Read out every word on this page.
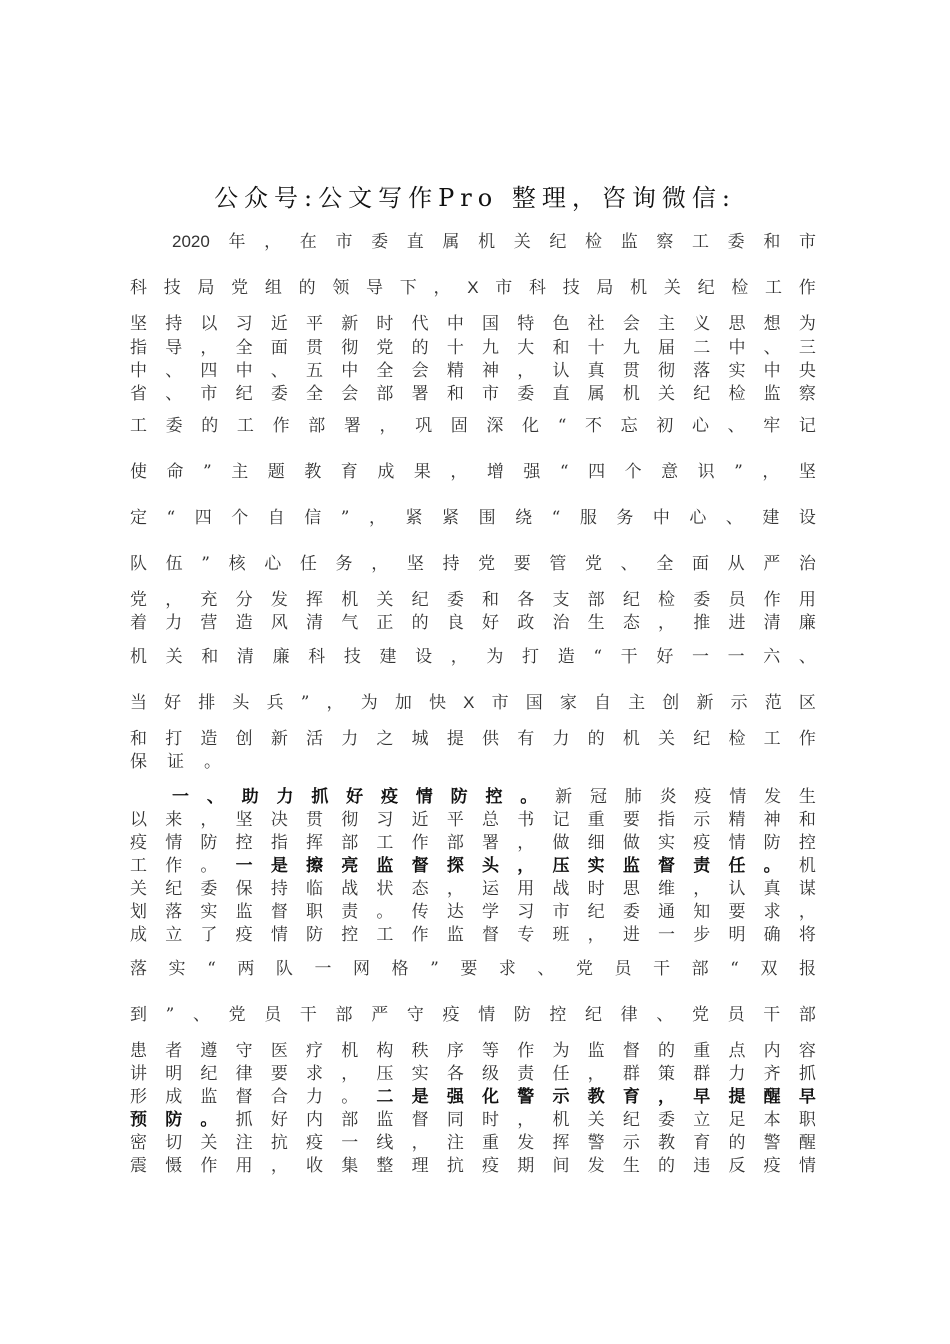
公众号:公文写作Pro 整理，咨询微信:
2020 年 ， 在 市 委 直 属 机 关 纪 检 监 察 工 委 和 市
科 技 局 党 组 的 领 导 下 ， X 市 科 技 局 机 关 纪 检 工 作
坚 持 以 习 近 平 新 时 代 中 国 特 色 社 会 主 义 思 想 为
指 导 ， 全 面 贯 彻 党 的 十 九 大 和 十 九 届 二 中 、 三
中 、 四 中 、 五 中 全 会 精 神 ， 认 真 贯 彻 落 实 中 央
省 、 市 纪 委 全 会 部 署 和 市 委 直 属 机 关 纪 检 监 察
工 委 的 工 作 部 署 ， 巩 固 深 化 “ 不 忘 初 心 、 牢 记
使 命 ” 主 题 教 育 成 果 ， 增 强 “ 四 个 意 识 ” ， 坚
定 “ 四 个 自 信 ” ， 紧 紧 围 绕 “ 服 务 中 心 、 建 设
队 伍 ” 核 心 任 务 ， 坚 持 党 要 管 党 、 全 面 从 严 治
党 ， 充 分 发 挥 机 关 纪 委 和 各 支 部 纪 检 委 员 作 用
着 力 营 造 风 清 气 正 的 良 好 政 治 生 态 ， 推 进 清 廉
机 关 和 清 廉 科 技 建 设 ， 为 打 造 “ 干 好 一 一 六 、
当 好 排 头 兵 ” ， 为 加 快 X 市 国 家 自 主 创 新 示 范 区
和 打 造 创 新 活 力 之 城 提 供 有 力 的 机 关 纪 检 工 作
保 证 。
一 、 助 力 抓 好 疫 情 防 控 。 新 冠 肺 炎 疫 情 发 生
以 来 ， 坚 决 贯 彻 习 近 平 总 书 记 重 要 指 示 精 神 和
疫 情 防 控 指 挥 部 工 作 部 署 ， 做 细 做 实 疫 情 防 控
工 作 。 一 是 擦 亮 监 督 探 头 ， 压 实 监 督 责 任 。 机
关 纪 委 保 持 临 战 状 态 ， 运 用 战 时 思 维 ， 认 真 谋
划 落 实 监 督 职 责 。 传 达 学 习 市 纪 委 通 知 要 求 ，
成 立 了 疫 情 防 控 工 作 监 督 专 班 ， 进 一 步 明 确 将
落 实 “ 两 队 一 网 格 ” 要 求 、 党 员 干 部 “ 双 报
到 ” 、 党 员 干 部 严 守 疫 情 防 控 纪 律 、 党 员 干 部
患 者 遵 守 医 疗 机 构 秩 序 等 作 为 监 督 的 重 点 内 容
讲 明 纪 律 要 求 ， 压 实 各 级 责 任 ， 群 策 群 力 齐 抓
形 成 监 督 合 力 。 二 是 强 化 警 示 教 育 ， 早 提 醒 早
预 防 。 抓 好 内 部 监 督 同 时 ， 机 关 纪 委 立 足 本 职
密 切 关 注 抗 疫 一 线 ， 注 重 发 挥 警 示 教 育 的 警 醒
震 慑 作 用 ， 收 集 整 理 抗 疫 期 间 发 生 的 违 反 疫 情
